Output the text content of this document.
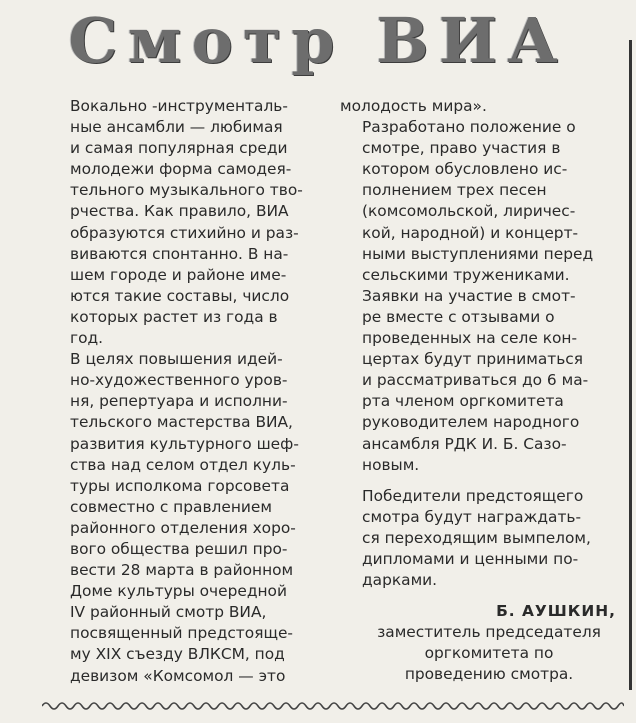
Смотр ВИА
Вокально -инструменталь-
ные ансамбли — любимая
и самая популярная среди
молодежи форма самодея-
тельного музыкального тво-
рчества. Как правило, ВИА
образуются стихийно и раз-
виваются спонтанно. В на-
шем городе и районе име-
ются такие составы, число
которых растет из года в
год.
В целях повышения идей-
но-художественного уров-
ня, репертуара и исполни-
тельского мастерства ВИА,
развития культурного шеф-
ства над селом отдел куль-
туры исполкома горсовета
совместно с правлением
районного отделения хоро-
вого общества решил про-
вести 28 марта в районном
Доме культуры очередной
IV районный смотр ВИА,
посвященный предстояще-
му XIX съезду ВЛКСМ, под
девизом «Комсомол — это
молодость мира».
Разработано положение о
смотре, право участия в
котором обусловлено ис-
полнением трех песен
(комсомольской, лиричес-
кой, народной) и концерт-
ными выступлениями перед
сельскими тружениками.
Заявки на участие в смот-
ре вместе с отзывами о
проведенных на селе кон-
цертах будут приниматься
и рассматриваться до 6 ма-
рта членом оргкомитета
руководителем народного
ансамбля РДК И. Б. Сазо-
новым.
Победители предстоящего
смотра будут награждать-
ся переходящим вымпелом,
дипломами и ценными по-
дарками.
Б. АУШКИН,
заместитель председателя
оргкомитета по
проведению смотра.
